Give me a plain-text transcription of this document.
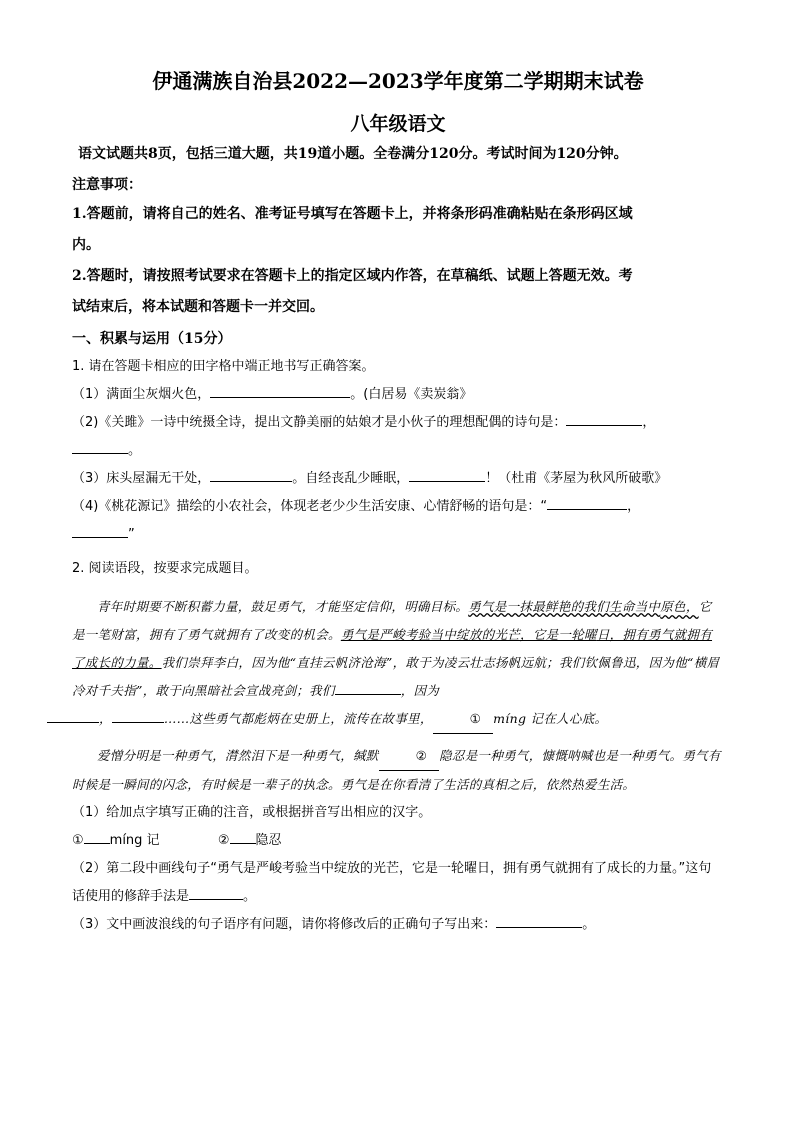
伊通满族自治县2022—2023学年度第二学期期末试卷
八年级语文

语文试题共8页，包括三道大题，共19道小题。全卷满分120分。考试时间为120分钟。

注意事项：

1.答题前，请将自己的姓名、准考证号填写在答题卡上，并将条形码准确粘贴在条形码区域

内。

2.答题时，请按照考试要求在答题卡上的指定区域内作答，在草稿纸、试题上答题无效。考

试结束后，将本试题和答题卡一并交回。

一、积累与运用（15分）

1. 请在答题卡相应的田字格中端正地书写正确答案。

（1）满面尘灰烟火色，	。(白居易《卖炭翁》

（2)《关雎》一诗中统摄全诗，提出文静美丽的姑娘才是小伙子的理想配偶的诗句是：	，

。

（3）床头屋漏无干处，	。自经丧乱少睡眠，	！（杜甫《茅屋为秋风所破歌》

（4)《桃花源记》描绘的小农社会，体现老老少少生活安康、心情舒畅的语句是：“	，

”

2. 阅读语段，按要求完成题目。

青年时期要不断积蓄力量，鼓足勇气，才能坚定信仰，明确目标。勇气是一抹最鲜艳的我们生命当中原色，它是一笔财富，拥有了勇气就拥有了改变的机会。勇气是严峻考验当中绽放的光芒，它是一轮曜日，拥有勇气就拥有了成长的力量。我们崇拜李白，因为他“直挂云帆济沧海”，敢于为凌云壮志扬帆远航；我们钦佩鲁迅，因为他“横眉冷对千夫指”，敢于向黑暗社会宣战亮剑；我们	，因为
，	……这些勇气都彪炳在史册上，流传在故事里，	① míng 记在人心底。
爱憎分明是一种勇气，潸然泪下是一种勇气，缄默	② 隐忍是一种勇气，慷慨呐喊也是一种勇气。勇气有时候是一瞬间的闪念，有时候是一辈子的执念。勇气是在你看清了生活的真相之后，依然热爱生活。

（1）给加点字填写正确的注音，或根据拼音写出相应的汉字。

① míng 记	② 隐忍

（2）第二段中画线句子“勇气是严峻考验当中绽放的光芒，它是一轮曜日，拥有勇气就拥有了成长的力量。”这句话使用的修辞手法是	。

（3）文中画波浪线的句子语序有问题，请你将修改后的正确句子写出来：	。
